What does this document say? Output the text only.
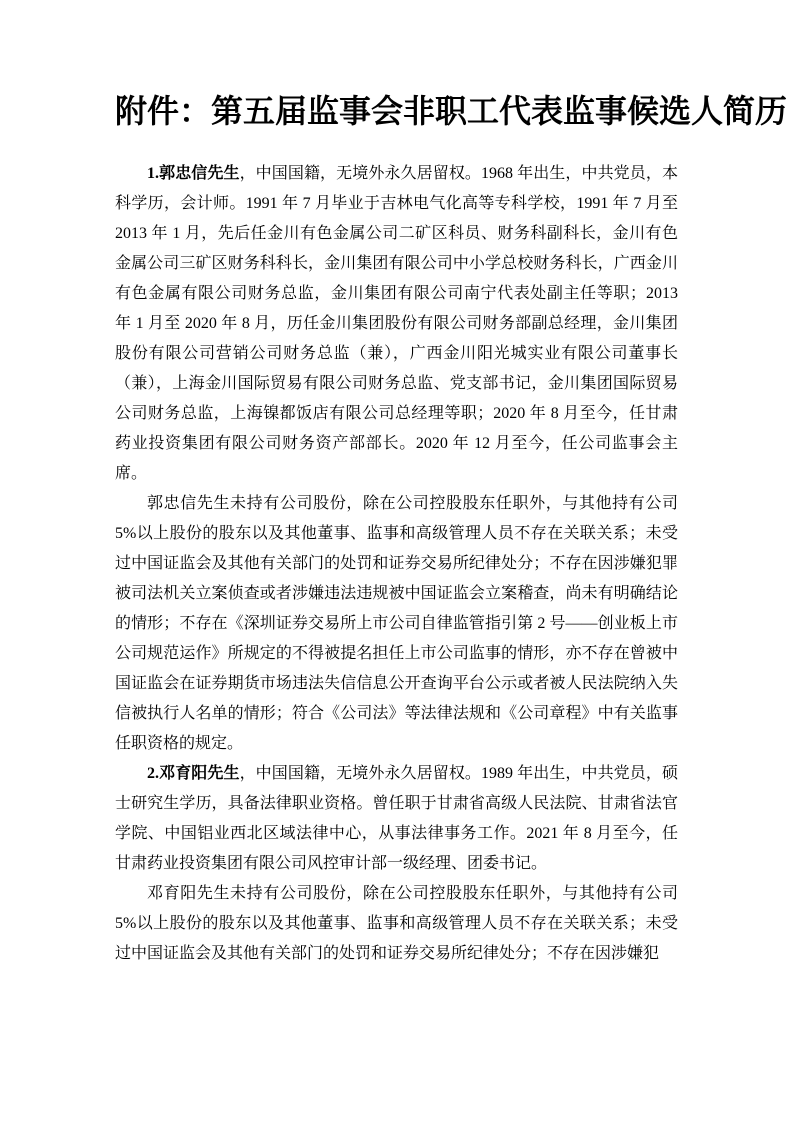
附件：第五届监事会非职工代表监事候选人简历

1.郭忠信先生，中国国籍，无境外永久居留权。1968 年出生，中共党员，本科学历，会计师。1991 年 7 月毕业于吉林电气化高等专科学校，1991 年 7 月至 2013 年 1 月，先后任金川有色金属公司二矿区科员、财务科副科长，金川有色金属公司三矿区财务科科长，金川集团有限公司中小学总校财务科长，广西金川有色金属有限公司财务总监，金川集团有限公司南宁代表处副主任等职；2013 年 1 月至 2020 年 8 月，历任金川集团股份有限公司财务部副总经理，金川集团股份有限公司营销公司财务总监（兼），广西金川阳光城实业有限公司董事长（兼），上海金川国际贸易有限公司财务总监、党支部书记，金川集团国际贸易公司财务总监，上海镍都饭店有限公司总经理等职；2020 年 8 月至今，任甘肃药业投资集团有限公司财务资产部部长。2020 年 12 月至今，任公司监事会主席。

郭忠信先生未持有公司股份，除在公司控股股东任职外，与其他持有公司5%以上股份的股东以及其他董事、监事和高级管理人员不存在关联关系；未受过中国证监会及其他有关部门的处罚和证券交易所纪律处分；不存在因涉嫌犯罪被司法机关立案侦查或者涉嫌违法违规被中国证监会立案稽查，尚未有明确结论的情形；不存在《深圳证券交易所上市公司自律监管指引第 2 号——创业板上市公司规范运作》所规定的不得被提名担任上市公司监事的情形，亦不存在曾被中国证监会在证券期货市场违法失信信息公开查询平台公示或者被人民法院纳入失信被执行人名单的情形；符合《公司法》等法律法规和《公司章程》中有关监事任职资格的规定。

2.邓育阳先生，中国国籍，无境外永久居留权。1989 年出生，中共党员，硕士研究生学历，具备法律职业资格。曾任职于甘肃省高级人民法院、甘肃省法官学院、中国铝业西北区域法律中心，从事法律事务工作。2021 年 8 月至今，任甘肃药业投资集团有限公司风控审计部一级经理、团委书记。

邓育阳先生未持有公司股份，除在公司控股股东任职外，与其他持有公司5%以上股份的股东以及其他董事、监事和高级管理人员不存在关联关系；未受过中国证监会及其他有关部门的处罚和证券交易所纪律处分；不存在因涉嫌犯
